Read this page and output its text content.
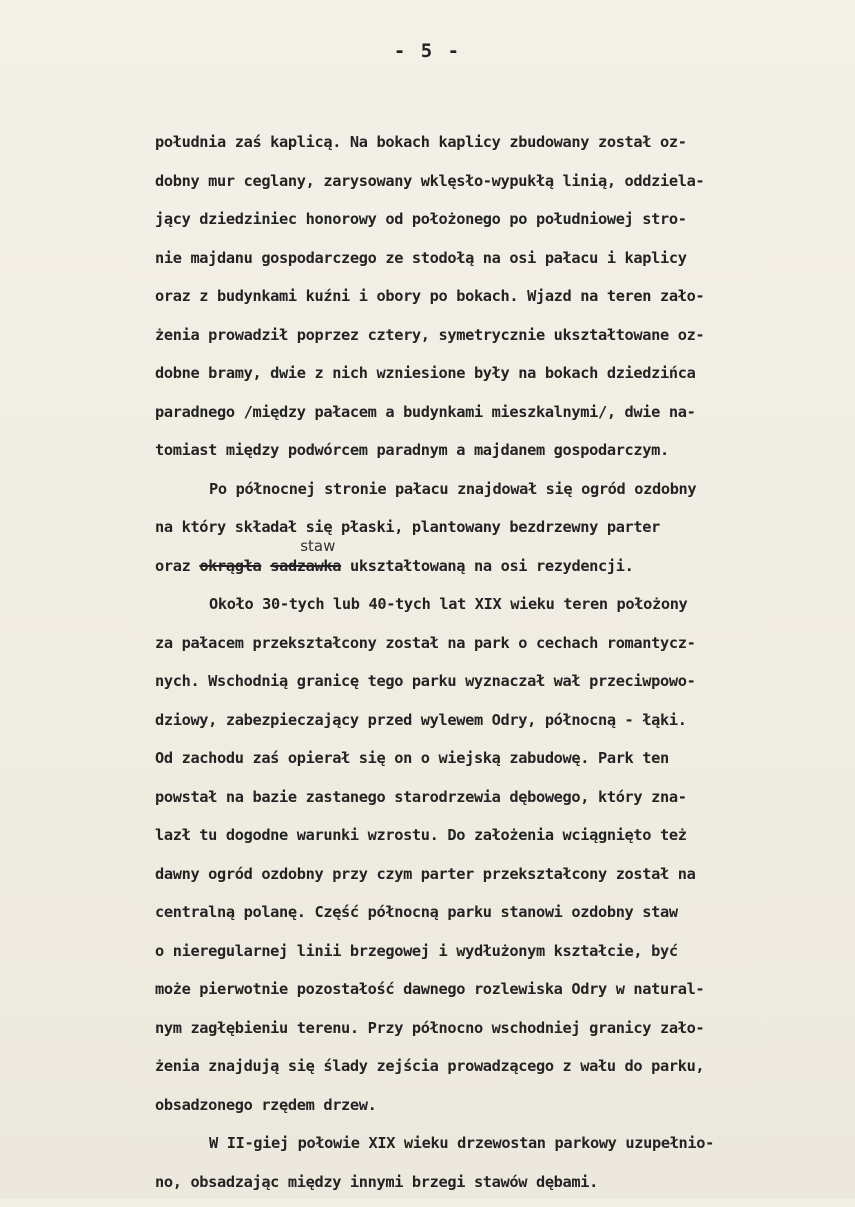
- 5 -
południa zaś kaplicą. Na bokach kaplicy zbudowany został oz-
dobny mur ceglany, zarysowany wklęsło-wypukłą linią, oddziela-
jący dziedziniec honorowy od położonego po południowej stro-
nie majdanu gospodarczego ze stodołą na osi pałacu i kaplicy
oraz z budynkami kuźni i obory po bokach. Wjazd na teren zało-
żenia prowadził poprzez cztery, symetrycznie ukształtowane oz-
dobne bramy, dwie z nich wzniesione były na bokach dziedzińca
paradnego /między pałacem a budynkami mieszkalnymi/, dwie na-
tomiast między podwórcem paradnym a majdanem gospodarczym.
Po północnej stronie pałacu znajdował się ogród ozdobny
na który składał się płaski, plantowany bezdrzewny parter
oraz okrągła sadzawka
staw
ukształtowaną na osi rezydencji.
Około 30-tych lub 40-tych lat XIX wieku teren położony
za pałacem przekształcony został na park o cechach romantycz-
nych. Wschodnią granicę tego parku wyznaczał wał przeciwpowo-
dziowy, zabezpieczający przed wylewem Odry, północną - łąki.
Od zachodu zaś opierał się on o wiejską zabudowę. Park ten
powstał na bazie zastanego starodrzewia dębowego, który zna-
lazł tu dogodne warunki wzrostu. Do założenia wciągnięto też
dawny ogród ozdobny przy czym parter przekształcony został na
centralną polanę. Część północną parku stanowi ozdobny staw
o nieregularnej linii brzegowej i wydłużonym kształcie, być
może pierwotnie pozostałość dawnego rozlewiska Odry w natural-
nym zagłębieniu terenu. Przy północno wschodniej granicy zało-
żenia znajdują się ślady zejścia prowadzącego z wału do parku,
obsadzonego rzędem drzew.
W II-giej połowie XIX wieku drzewostan parkowy uzupełnio-
no, obsadzając między innymi brzegi stawów dębami.
